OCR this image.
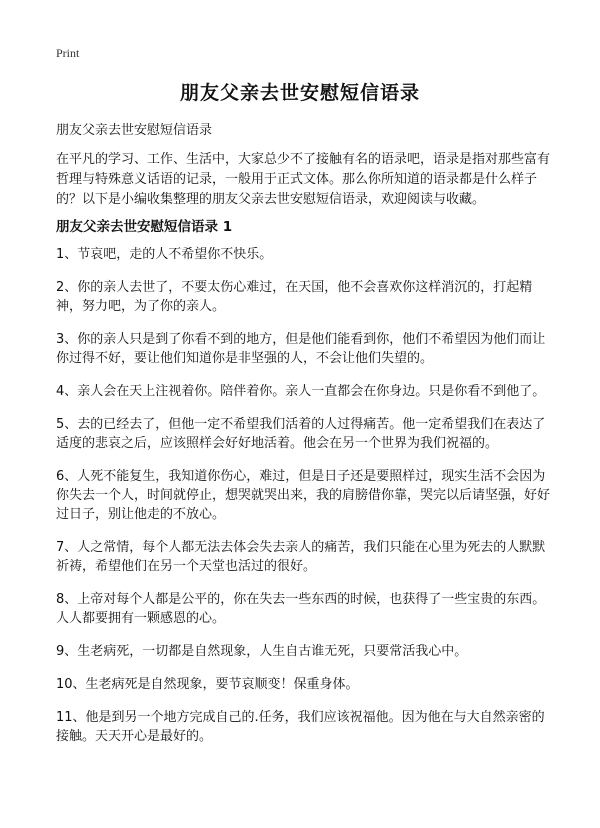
Print
朋友父亲去世安慰短信语录
朋友父亲去世安慰短信语录
在平凡的学习、工作、生活中，大家总少不了接触有名的语录吧，语录是指对那些富有哲理与特殊意义话语的记录，一般用于正式文体。那么你所知道的语录都是什么样子的？以下是小编收集整理的朋友父亲去世安慰短信语录，欢迎阅读与收藏。
朋友父亲去世安慰短信语录 1
1、节哀吧，走的人不希望你不快乐。
2、你的亲人去世了，不要太伤心难过，在天国，他不会喜欢你这样消沉的，打起精神，努力吧，为了你的亲人。
3、你的亲人只是到了你看不到的地方，但是他们能看到你，他们不希望因为他们而让你过得不好，要让他们知道你是非坚强的人，不会让他们失望的。
4、亲人会在天上注视着你。陪伴着你。亲人一直都会在你身边。只是你看不到他了。
5、去的已经去了，但他一定不希望我们活着的人过得痛苦。他一定希望我们在表达了适度的悲哀之后，应该照样会好好地活着。他会在另一个世界为我们祝福的。
6、人死不能复生，我知道你伤心，难过，但是日子还是要照样过，现实生活不会因为你失去一个人，时间就停止，想哭就哭出来，我的肩膀借你靠，哭完以后请坚强，好好过日子，别让他走的不放心。
7、人之常情，每个人都无法去体会失去亲人的痛苦，我们只能在心里为死去的人默默祈祷，希望他们在另一个天堂也活过的很好。
8、上帝对每个人都是公平的，你在失去一些东西的时候，也获得了一些宝贵的东西。人人都要拥有一颗感恩的心。
9、生老病死，一切都是自然现象，人生自古谁无死，只要常活我心中。
10、生老病死是自然现象，要节哀顺变！保重身体。
11、他是到另一个地方完成自己的.任务，我们应该祝福他。因为他在与大自然亲密的接触。天天开心是最好的。
